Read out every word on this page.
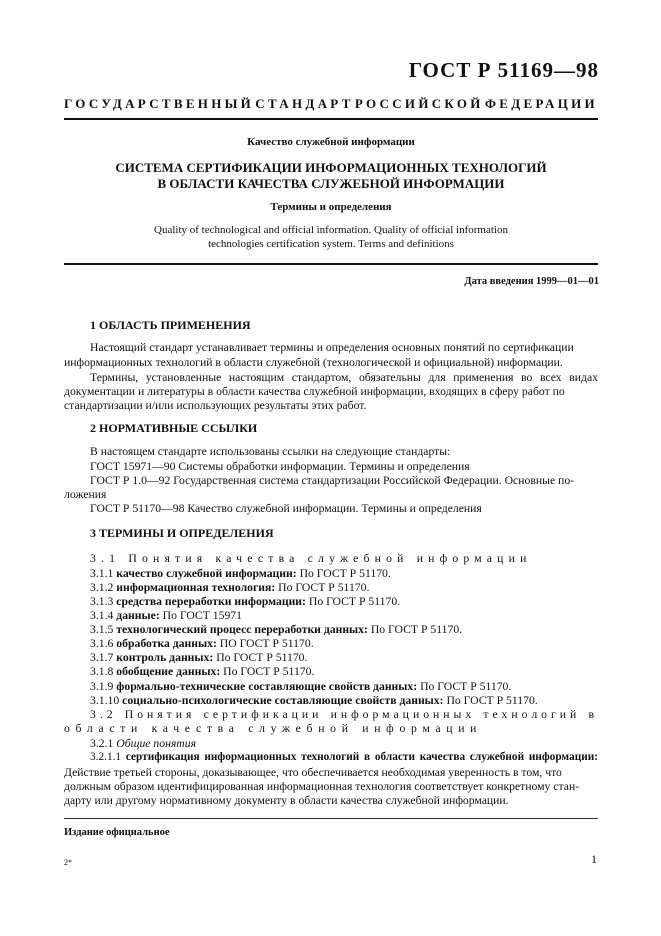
ГОСТ Р 51169—98
ГОСУДАРСТВЕННЫЙ СТАНДАРТ РОССИЙСКОЙ ФЕДЕРАЦИИ
Качество служебной информации
СИСТЕМА СЕРТИФИКАЦИИ ИНФОРМАЦИОННЫХ ТЕХНОЛОГИЙ
В ОБЛАСТИ КАЧЕСТВА СЛУЖЕБНОЙ ИНФОРМАЦИИ
Термины и определения
Quality of technological and official information. Quality of official information
technologies certification system. Terms and definitions
Дата введения 1999—01—01
1 ОБЛАСТЬ ПРИМЕНЕНИЯ
Настоящий стандарт устанавливает термины и определения основных понятий по сертификации
информационных технологий в области служебной (технологической и официальной) информации.
Термины, установленные настоящим стандартом, обязательны для применения во всех видах
документации и литературы в области качества служебной информации, входящих в сферу работ по
стандартизации и/или использующих результаты этих работ.
2 НОРМАТИВНЫЕ ССЫЛКИ
В настоящем стандарте использованы ссылки на следующие стандарты:
ГОСТ 15971—90 Системы обработки информации. Термины и определения
ГОСТ Р 1.0—92 Государственная система стандартизации Российской Федерации. Основные по-
ложения
ГОСТ Р 51170—98 Качество служебной информации. Термины и определения
3 ТЕРМИНЫ И ОПРЕДЕЛЕНИЯ
3.1 Понятия качества служебной информации
3.1.1 качество служебной информации: По ГОСТ Р 51170.
3.1.2 информационная технология: По ГОСТ Р 51170.
3.1.3 средства переработки информации: По ГОСТ Р 51170.
3.1.4 данные: По ГОСТ 15971
3.1.5 технологический процесс переработки данных: По ГОСТ Р 51170.
3.1.6 обработка данных: ПО ГОСТ Р 51170.
3.1.7 контроль данных: По ГОСТ Р 51170.
3.1.8 обобщение данных: По ГОСТ Р 51170.
3.1.9 формально-технические составляющие свойств данных: По ГОСТ Р 51170.
3.1.10 социально-психологические составляющие свойств данных: По ГОСТ Р 51170.
3.2 Понятия сертификации информационных технологий в
области качества служебной информации
3.2.1 Общие понятия
3.2.1.1 сертификация информационных технологий в области качества служебной информации:
Действие третьей стороны, доказывающее, что обеспечивается необходимая уверенность в том, что
должным образом идентифицированная информационная технология соответствует конкретному стан-
дарту или другому нормативному документу в области качества служебной информации.
Издание официальное
2*	1
